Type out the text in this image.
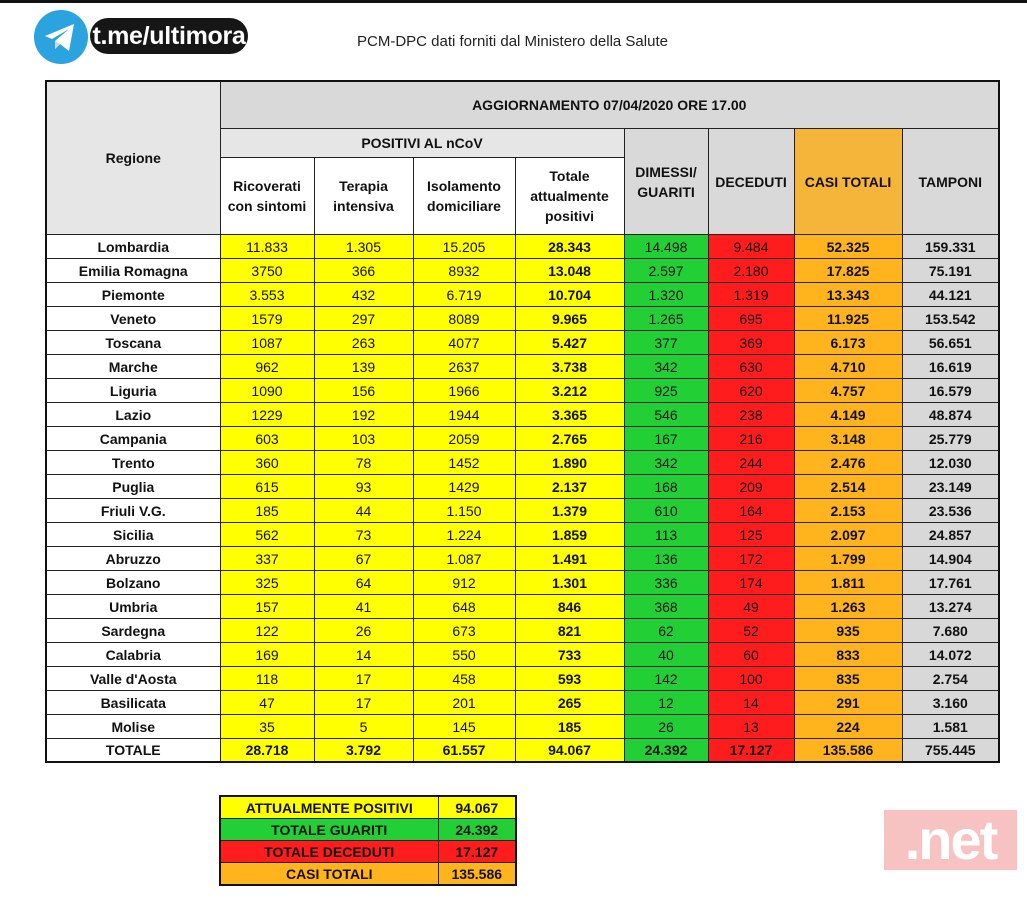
t.me/ultimora	PCM-DPC dati forniti dal Ministero della Salute
Regione	AGGIORNAMENTO 07/04/2020 ORE 17.00							
	POSITIVI AL nCoV				DIMESSI/ GUARITI	DECEDUTI	CASI TOTALI	TAMPONI
	Ricoverati con sintomi	Terapia intensiva	Isolamento domiciliare	Totale attualmente positivi				
Lombardia	11.833	1.305	15.205	28.343	14.498	9.484	52.325	159.331
Emilia Romagna	3750	366	8932	13.048	2.597	2.180	17.825	75.191
Piemonte	3.553	432	6.719	10.704	1.320	1.319	13.343	44.121
Veneto	1579	297	8089	9.965	1.265	695	11.925	153.542
Toscana	1087	263	4077	5.427	377	369	6.173	56.651
Marche	962	139	2637	3.738	342	630	4.710	16.619
Liguria	1090	156	1966	3.212	925	620	4.757	16.579
Lazio	1229	192	1944	3.365	546	238	4.149	48.874
Campania	603	103	2059	2.765	167	216	3.148	25.779
Trento	360	78	1452	1.890	342	244	2.476	12.030
Puglia	615	93	1429	2.137	168	209	2.514	23.149
Friuli V.G.	185	44	1.150	1.379	610	164	2.153	23.536
Sicilia	562	73	1.224	1.859	113	125	2.097	24.857
Abruzzo	337	67	1.087	1.491	136	172	1.799	14.904
Bolzano	325	64	912	1.301	336	174	1.811	17.761
Umbria	157	41	648	846	368	49	1.263	13.274
Sardegna	122	26	673	821	62	52	935	7.680
Calabria	169	14	550	733	40	60	833	14.072
Valle d'Aosta	118	17	458	593	142	100	835	2.754
Basilicata	47	17	201	265	12	14	291	3.160
Molise	35	5	145	185	26	13	224	1.581
TOTALE	28.718	3.792	61.557	94.067	24.392	17.127	135.586	755.445
ATTUALMENTE POSITIVI	94.067
TOTALE GUARITI	24.392
TOTALE DECEDUTI	17.127
CASI TOTALI	135.586
.net
